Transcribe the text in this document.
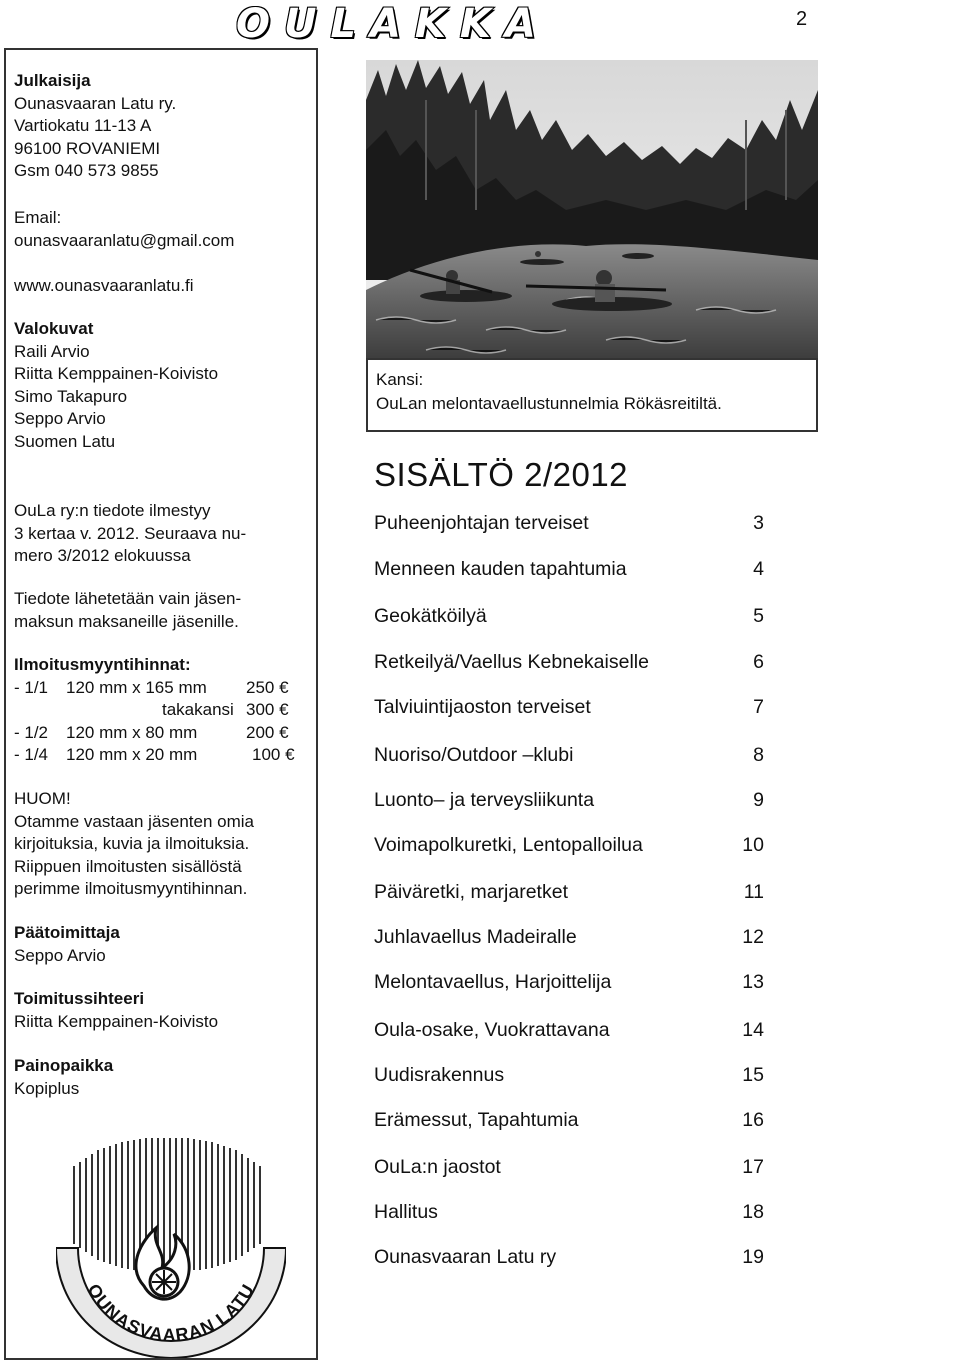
OULAKKA	2
Julkaisija
Ounasvaaran Latu ry.
Vartiokatu 11-13 A
96100 ROVANIEMI
Gsm 040 573 9855
Email:
ounasvaaranlatu@gmail.com
www.ounasvaaranlatu.fi
Valokuvat
Raili Arvio
Riitta Kemppainen-Koivisto
Simo Takapuro
Seppo Arvio
Suomen Latu
OuLa ry:n tiedote ilmestyy
3 kertaa v. 2012. Seuraava nu-
mero 3/2012 elokuussa
Tiedote lähetetään vain jäsen-
maksun maksaneille jäsenille.
Ilmoitusmyyntihinnat:
- 1/1	120 mm x 165 mm	250 €
takakansi 300 €
- 1/2	120 mm x 80 mm	200 €
- 1/4	120 mm x 20 mm	100 €
HUOM!
Otamme vastaan jäsenten omia
kirjoituksia, kuvia ja ilmoituksia.
Riippuen ilmoitusten sisällöstä
perimme ilmoitusmyyntihinnan.
Päätoimittaja
Seppo Arvio
Toimitussihteeri
Riitta Kemppainen-Koivisto
Painopaikka
Kopiplus
OUNASVAARAN LATU
Kansi:
OuLan melontavaellustunnelmia Rökäsreitiltä.
SISÄLTÖ 2/2012
Puheenjohtajan terveiset	3
Menneen kauden tapahtumia	4
Geokätköilyä	5
Retkeilyä/Vaellus Kebnekaiselle	6
Talviuintijaoston terveiset	7
Nuoriso/Outdoor –klubi	8
Luonto– ja terveysliikunta	9
Voimapolkuretki, Lentopalloilua	10
Päiväretki, marjaretket	11
Juhlavaellus Madeiralle	12
Melontavaellus, Harjoittelija	13
Oula-osake, Vuokrattavana	14
Uudisrakennus	15
Erämessut, Tapahtumia	16
OuLa:n jaostot	17
Hallitus	18
Ounasvaaran Latu ry	19
